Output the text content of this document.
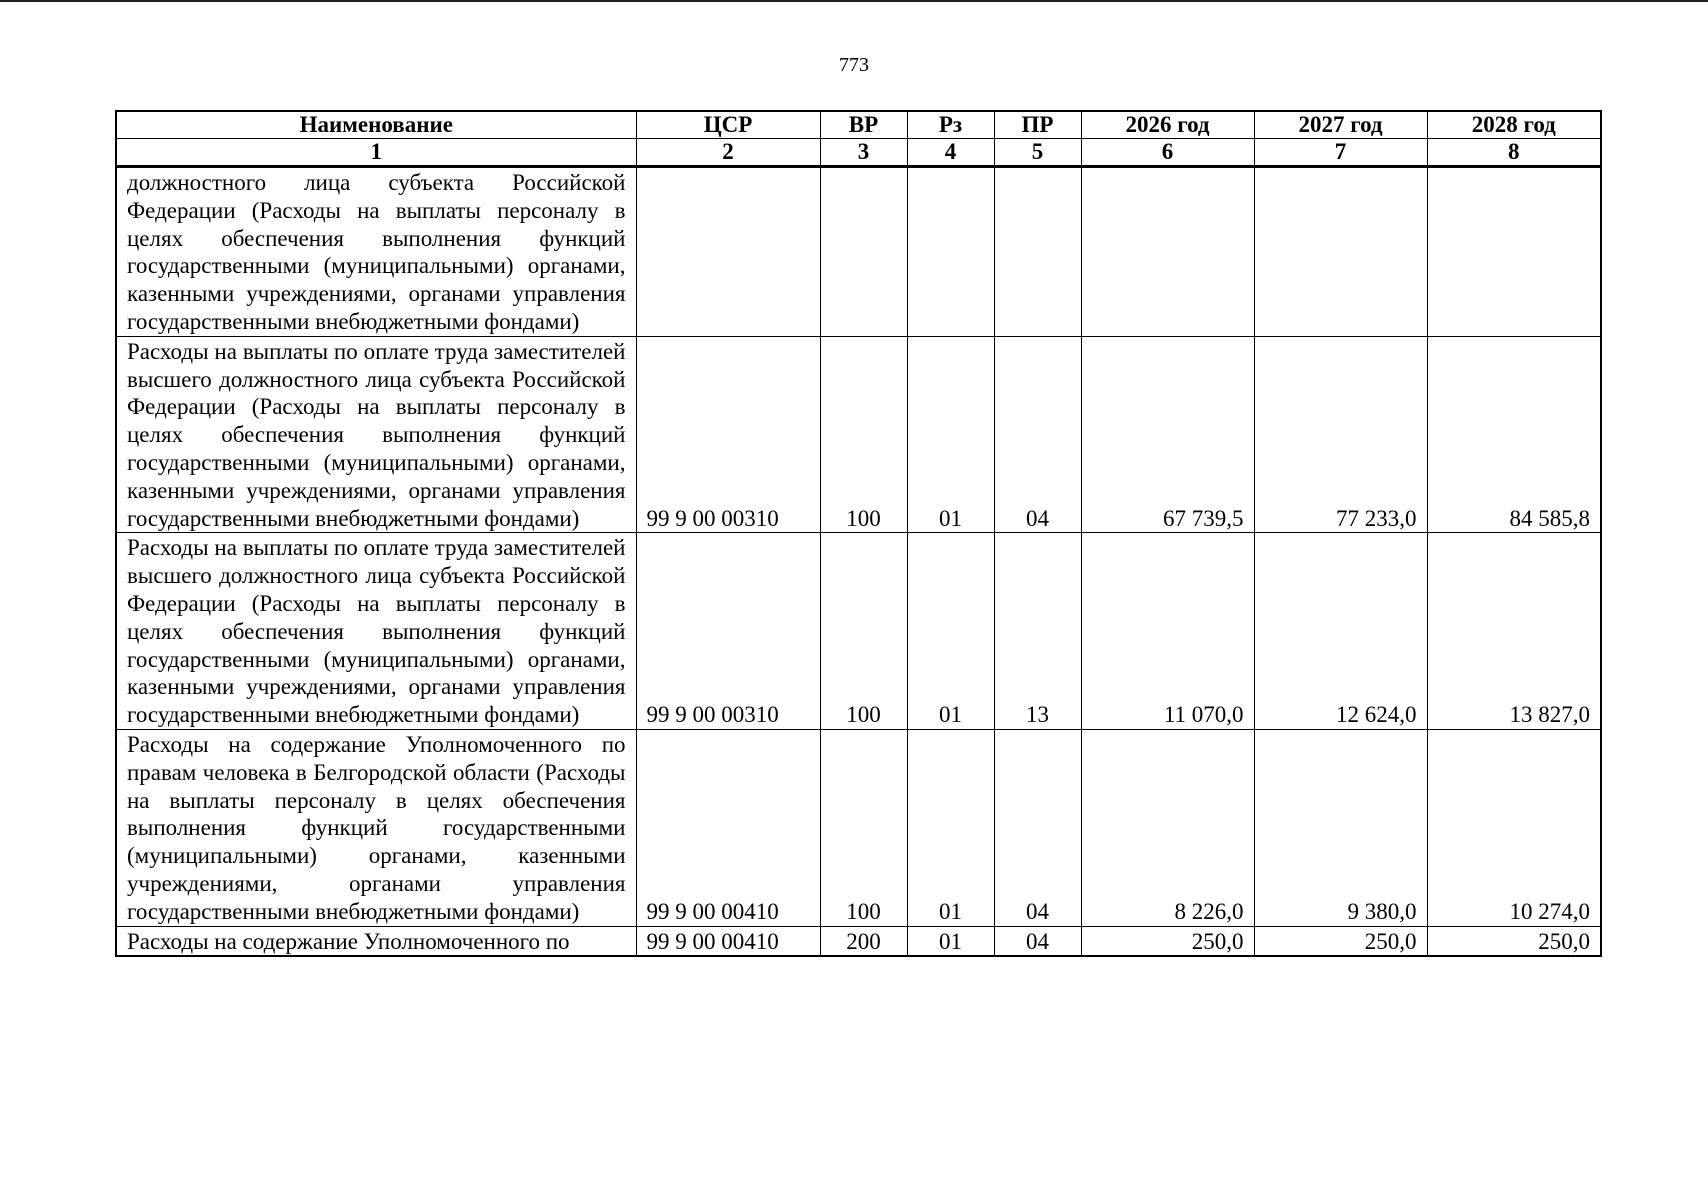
773
Наименование	ЦСР	ВР	Рз	ПР	2026 год	2027 год	2028 год
1	2	3	4	5	6	7	8
должностного лица субъекта Российской Федерации (Расходы на выплаты персоналу в целях обеспечения выполнения функций государственными (муниципальными) органами, казенными учреждениями, органами управления государственными внебюджетными фондами)							
Расходы на выплаты по оплате труда заместителей высшего должностного лица субъекта Российской Федерации (Расходы на выплаты персоналу в целях обеспечения выполнения функций государственными (муниципальными) органами, казенными учреждениями, органами управления государственными внебюджетными фондами)	99 9 00 00310	100	01	04	67 739,5	77 233,0	84 585,8
Расходы на выплаты по оплате труда заместителей высшего должностного лица субъекта Российской Федерации (Расходы на выплаты персоналу в целях обеспечения выполнения функций государственными (муниципальными) органами, казенными учреждениями, органами управления государственными внебюджетными фондами)	99 9 00 00310	100	01	13	11 070,0	12 624,0	13 827,0
Расходы на содержание Уполномоченного по правам человека в Белгородской области (Расходы на выплаты персоналу в целях обеспечения выполнения функций государственными (муниципальными) органами, казенными учреждениями, органами управления государственными внебюджетными фондами)	99 9 00 00410	100	01	04	8 226,0	9 380,0	10 274,0
Расходы на содержание Уполномоченного по	99 9 00 00410	200	01	04	250,0	250,0	250,0
